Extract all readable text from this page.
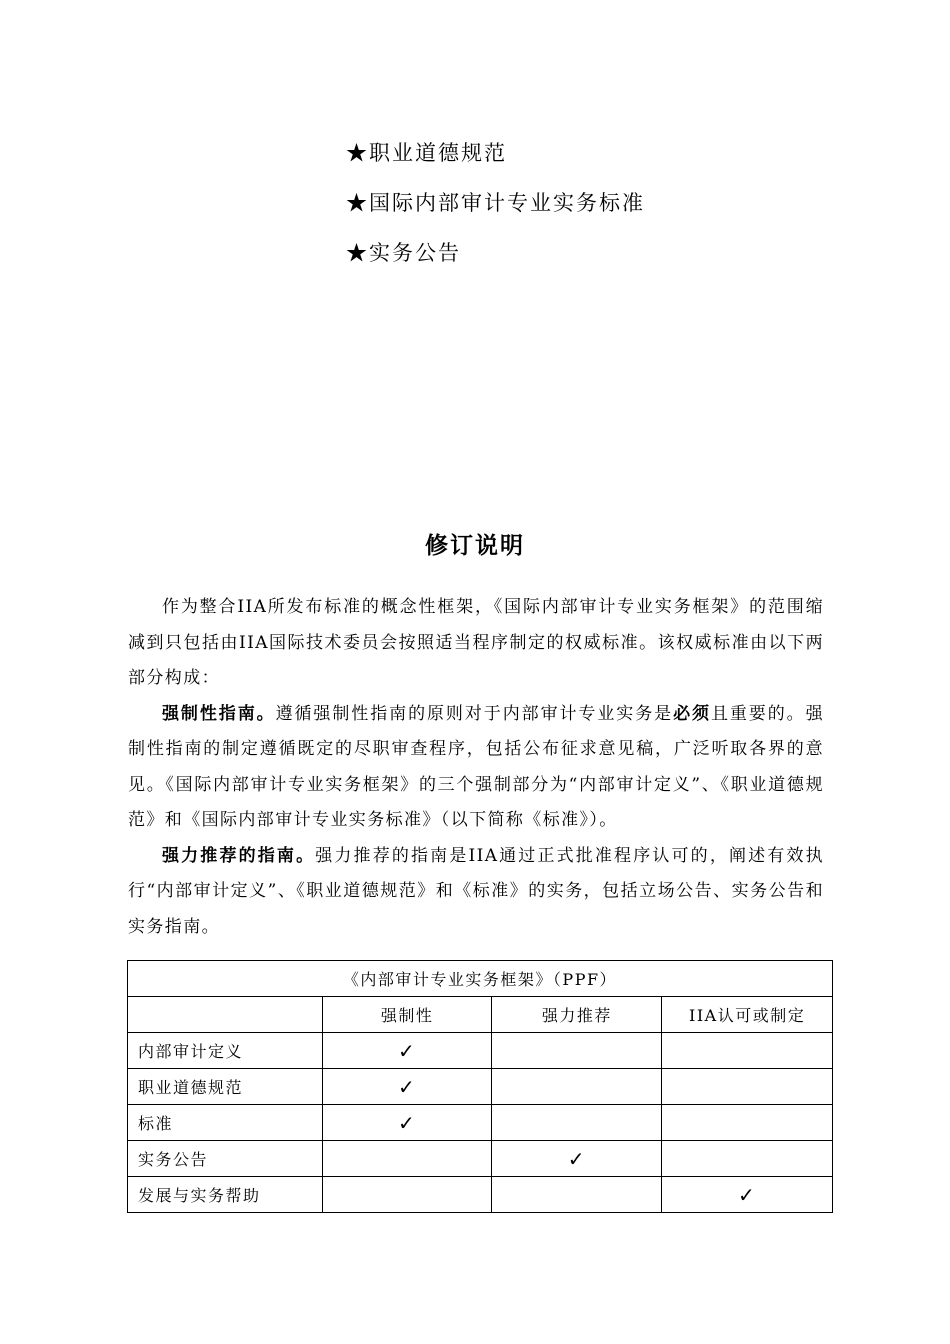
★职业道德规范
★国际内部审计专业实务标准
★实务公告
修订说明

作为整合IIA所发布标准的概念性框架，《国际内部审计专业实务框架》的范围缩减到只包括由IIA国际技术委员会按照适当程序制定的权威标准。该权威标准由以下两部分构成：

强制性指南。遵循强制性指南的原则对于内部审计专业实务是必须且重要的。强制性指南的制定遵循既定的尽职审查程序，包括公布征求意见稿，广泛听取各界的意见。《国际内部审计专业实务框架》的三个强制部分为“内部审计定义”、《职业道德规范》和《国际内部审计专业实务标准》（以下简称《标准》）。

强力推荐的指南。强力推荐的指南是IIA通过正式批准程序认可的，阐述有效执行“内部审计定义”、《职业道德规范》和《标准》的实务，包括立场公告、实务公告和实务指南。

《内部审计专业实务框架》（PPF）			
	强制性	强力推荐	IIA认可或制定
内部审计定义	✓		
职业道德规范	✓		
标准	✓		
实务公告		✓	
发展与实务帮助			✓
